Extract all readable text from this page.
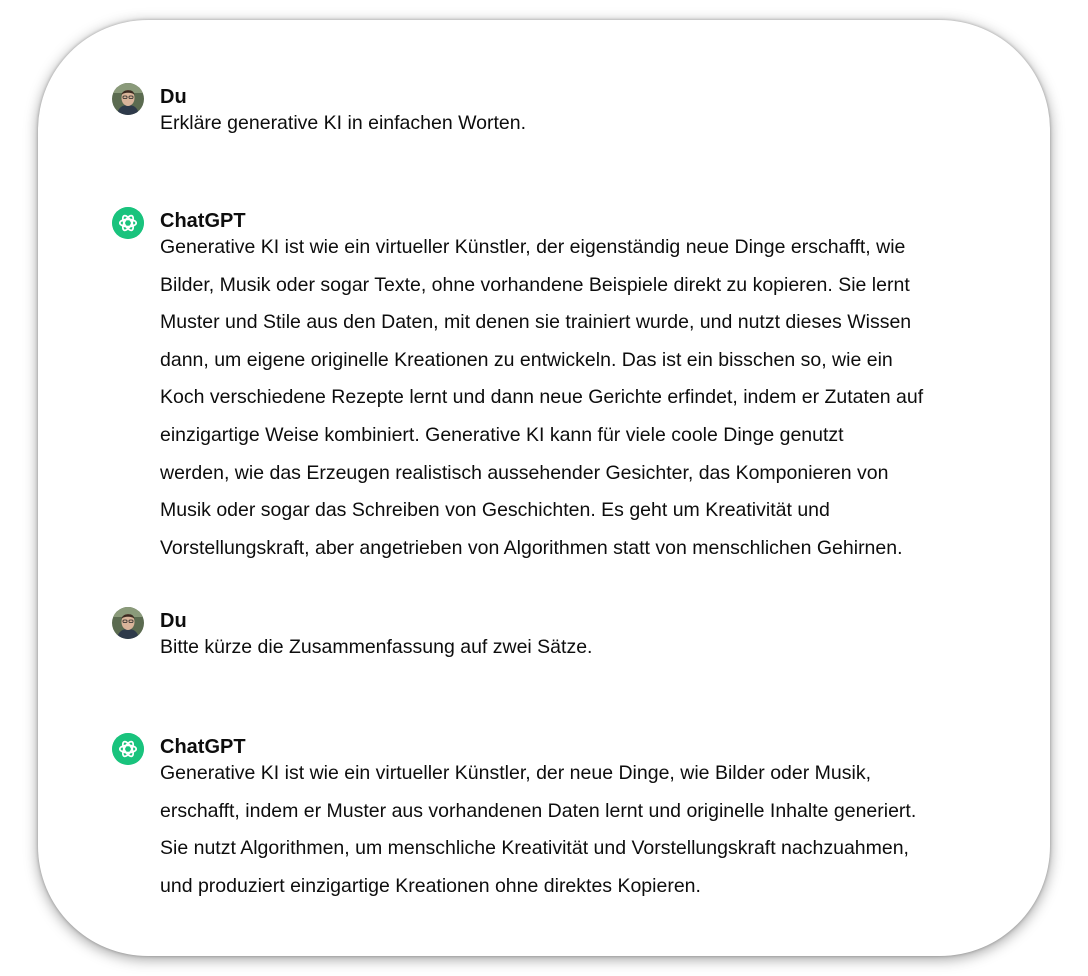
Du

Erkläre generative KI in einfachen Worten.

ChatGPT

Generative KI ist wie ein virtueller Künstler, der eigenständig neue Dinge erschafft, wie
Bilder, Musik oder sogar Texte, ohne vorhandene Beispiele direkt zu kopieren. Sie lernt
Muster und Stile aus den Daten, mit denen sie trainiert wurde, und nutzt dieses Wissen
dann, um eigene originelle Kreationen zu entwickeln. Das ist ein bisschen so, wie ein
Koch verschiedene Rezepte lernt und dann neue Gerichte erfindet, indem er Zutaten auf
einzigartige Weise kombiniert. Generative KI kann für viele coole Dinge genutzt
werden, wie das Erzeugen realistisch aussehender Gesichter, das Komponieren von
Musik oder sogar das Schreiben von Geschichten. Es geht um Kreativität und
Vorstellungskraft, aber angetrieben von Algorithmen statt von menschlichen Gehirnen.

Du

Bitte kürze die Zusammenfassung auf zwei Sätze.

ChatGPT

Generative KI ist wie ein virtueller Künstler, der neue Dinge, wie Bilder oder Musik,
erschafft, indem er Muster aus vorhandenen Daten lernt und originelle Inhalte generiert.
Sie nutzt Algorithmen, um menschliche Kreativität und Vorstellungskraft nachzuahmen,
und produziert einzigartige Kreationen ohne direktes Kopieren.
